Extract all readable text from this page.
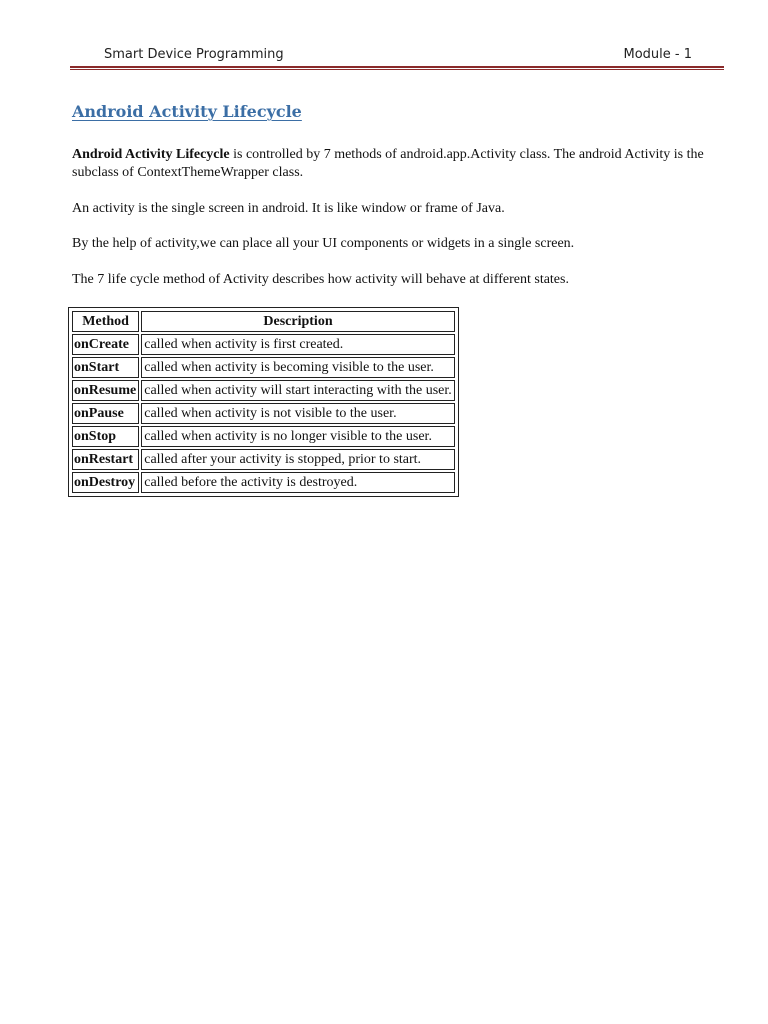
Smart Device Programming	Module - 1
Android Activity Lifecycle

Android Activity Lifecycle is controlled by 7 methods of android.app.Activity class. The android Activity is the subclass of ContextThemeWrapper class.

An activity is the single screen in android. It is like window or frame of Java.

By the help of activity,we can place all your UI components or widgets in a single screen.

The 7 life cycle method of Activity describes how activity will behave at different states.

Method	Description
onCreate	called when activity is first created.
onStart	called when activity is becoming visible to the user.
onResume	called when activity will start interacting with the user.
onPause	called when activity is not visible to the user.
onStop	called when activity is no longer visible to the user.
onRestart	called after your activity is stopped, prior to start.
onDestroy	called before the activity is destroyed.
